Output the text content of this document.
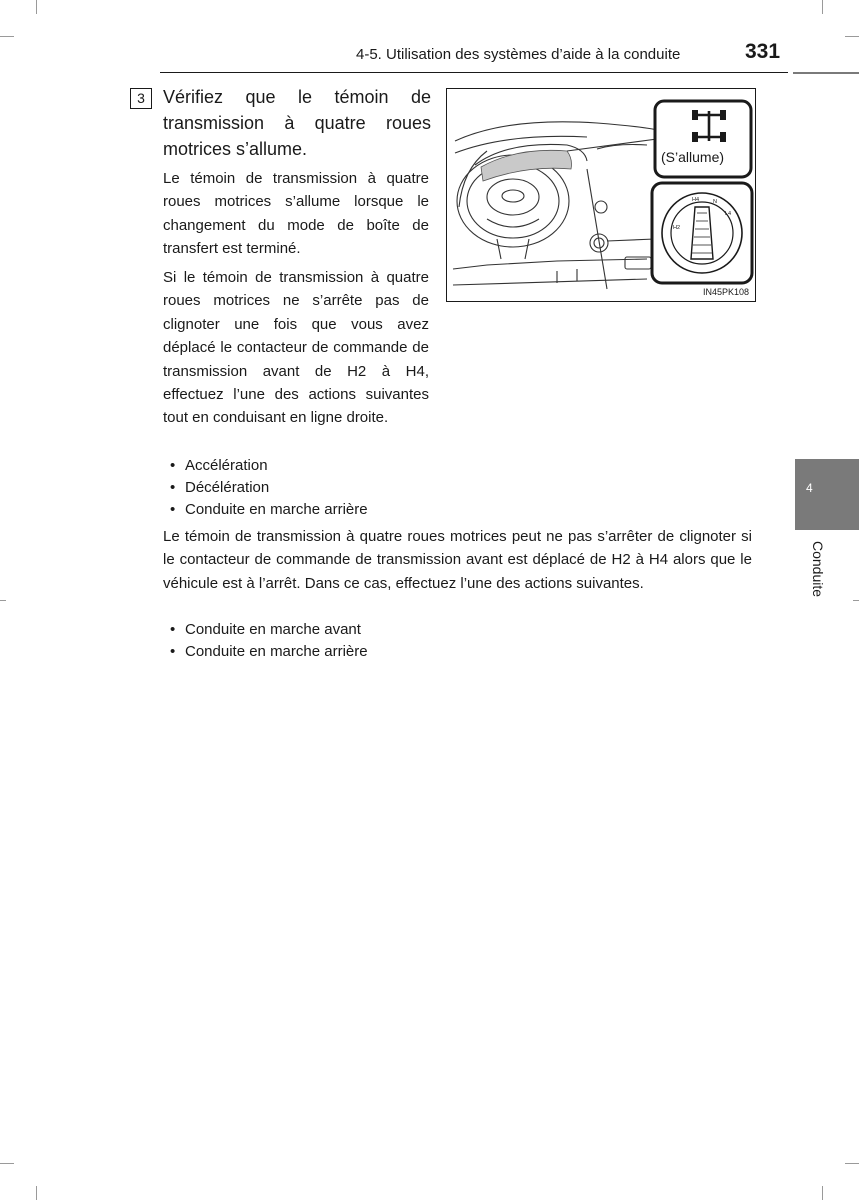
4-5. Utilisation des systèmes d’aide à la conduite	331
3	Vérifiez que le témoin de transmission à quatre roues motrices s’allume.
Le témoin de transmission à quatre roues motrices s’allume lorsque le changement du mode de boîte de transfert est terminé.
Si le témoin de transmission à quatre roues motrices ne s’arrête pas de clignoter une fois que vous avez déplacé le contacteur de commande de transmission avant de H2 à H4, effectuez l’une des actions suivantes tout en conduisant en ligne droite.
• Accélération
• Décélération
• Conduite en marche arrière
Le témoin de transmission à quatre roues motrices peut ne pas s’arrêter de clignoter si le contacteur de commande de transmission avant est déplacé de H2 à H4 alors que le véhicule est à l’arrêt. Dans ce cas, effectuez l’une des actions suivantes.
• Conduite en marche avant
• Conduite en marche arrière
H2
H4	N
L4
(S’allume)
IN45PK108
4
Conduite
